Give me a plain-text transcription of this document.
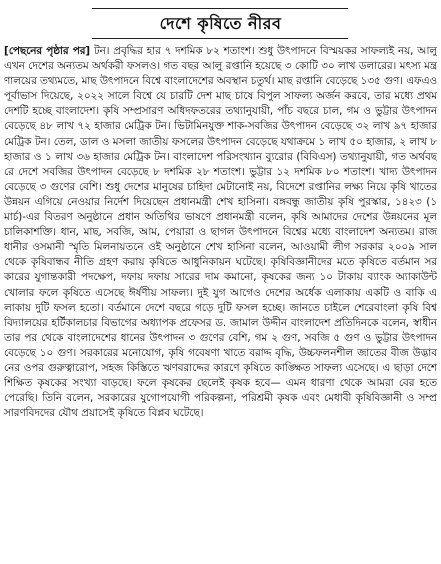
দেশে কৃষিতে নীরব
[পেছনের পৃষ্ঠার পর] টন। প্রবৃদ্ধির হার ৭ দশমিক ৮২ শতাংশ। শুধু উৎপাদনে বিস্ময়কর সাফল্যই নয়, আলু এখন দেশের অন্যতম অর্থকরী ফসলও। গত বছর আলু রপ্তানি হয়েছে ৩ কোটি ৩০ লাখ ডলারের। মৎস্য মন্ত্রণালয়ের তথ্যমতে, মাছ উৎপাদনে বিশ্বে বাংলাদেশের অবস্থান চতুর্থ। মাছ রপ্তানি বেড়েছে ১৩৫ গুণ। এফএও পূর্বাভাস দিয়েছে, ২০২২ সালে বিশ্বে যে চারটি দেশ মাছ চাষে বিপুল সাফল্য অর্জন করবে, তার মধ্যে প্রথম দেশটি হচ্ছে বাংলাদেশ। কৃষি সম্প্রসারণ অধিদফতরের তথ্যানুযায়ী, পাঁচ বছরে চাল, গম ও ভুট্টার উৎপাদন বেড়েছে ৪৮ লাখ ৭২ হাজার মেট্রিক টন। ভিটামিনযুক্ত শাক-সবজির উৎপাদন বেড়েছে ৩২ লাখ ৯৭ হাজার মেট্রিক টন। তেল, ডাল ও মসলা জাতীয় ফসলের উৎপাদন বেড়েছে যথাক্রমে ১ লাখ ৫০ হাজার, ২ লাখ ৮ হাজার ও ১ লাখ ৩৬ হাজার মেট্রিক টন। বাংলাদেশ পরিসংখ্যান ব্যুরোর (বিবিএস) তথ্যানুযায়ী, গত অর্থবছরে দেশে সবজির উৎপাদন বেড়েছে ৮ দশমিক ২৮ শতাংশ। ভুট্টার ১২ দশমিক ৮০ শতাংশ। খাদ্য উৎপাদন বেড়েছে ৩ গুণের বেশি। শুধু দেশের মানুষের চাহিদা মেটানোই নয়, বিদেশে রপ্তানির লক্ষ্য নিয়ে কৃষি খাতের উন্নয়ন এগিয়ে নেওয়ার নির্দেশ দিয়েছেন প্রধানমন্ত্রী শেখ হাসিনা। বঙ্গবন্ধু জাতীয় কৃষি পুরস্কার, ১৪২৩ (১ মার্চ)-এর বিতরণ অনুষ্ঠানে প্রধান অতিথির ভাষণে প্রধানমন্ত্রী বলেন, কৃষি আমাদের দেশের উন্নয়নের মূল চালিকাশক্তি। ধান, মাছ, সবজি, আম, পেয়ারা ও ছাগল উৎপাদনে বিশ্বের মধ্যে বাংলাদেশ অন্যতম। রাজধানীর ওসমানী স্মৃতি মিলনায়তনে ওই অনুষ্ঠানে শেখ হাসিনা বলেন, আওয়ামী লীগ সরকার ২০০৯ সাল থেকে কৃষিবান্ধব নীতি গ্রহণ করায় কৃষিতে আধুনিকায়ন ঘটেছে। কৃষিবিজ্ঞানীদের মতে কৃষিতে বর্তমান সরকারের যুগান্তকারী পদক্ষেপ, দফায় দফায় সারের দাম কমানো, কৃষকের জন্য ১০ টাকায় ব্যাংক অ্যাকাউন্ট খোলার ফলে কৃষিতে এসেছে ঈর্ষণীয় সাফল্য। দুই যুগ আগেও দেশের অর্ধেক এলাকায় একটি ও বাকি এলাকায় দুটি ফসল হতো। বর্তমানে দেশে বছরে গড়ে দুটি ফসল হচ্ছে। জানতে চাইলে শেরেবাংলা কৃষি বিশ্ববিদ্যালয়ের হর্টিকালচার বিভাগের অধ্যাপক প্রফেসর ড. জামাল উদ্দীন বাংলাদেশ প্রতিদিনকে বলেন, স্বাধীনতার পর থেকে বাংলাদেশের ধানের উৎপাদন ৩ গুণের বেশি, গম ২ গুণ, সবজি ৫ গুণ ও ভুট্টার উৎপাদন বেড়েছে ১০ গুণ। সরকারের মনোযোগ, কৃষি গবেষণা খাতে বরাদ্দ বৃদ্ধি, উচ্চফলনশীল জাতের বীজ উদ্ভাবনের ওপর গুরুত্বারোপ, সহজ কিস্তিতে ঋণবরাদ্দের কারণে কৃষিতে কাঙ্ক্ষিত সাফল্য এসেছে। এ ছাড়া দেশে শিক্ষিত কৃষকের সংখ্যা বাড়ছে। ফলে কৃষকের ছেলেই কৃষক হবে— এমন ধারণা থেকে আমরা বের হতে পেরেছি। তিনি বলেন, সরকারের যুগোপযোগী পরিকল্পনা, পরিশ্রমী কৃষক এবং মেধাবী কৃষিবিজ্ঞানী ও সম্প্রসারণবিদদের যৌথ প্রয়াসেই কৃষিতে বিপ্লব ঘটেছে।
